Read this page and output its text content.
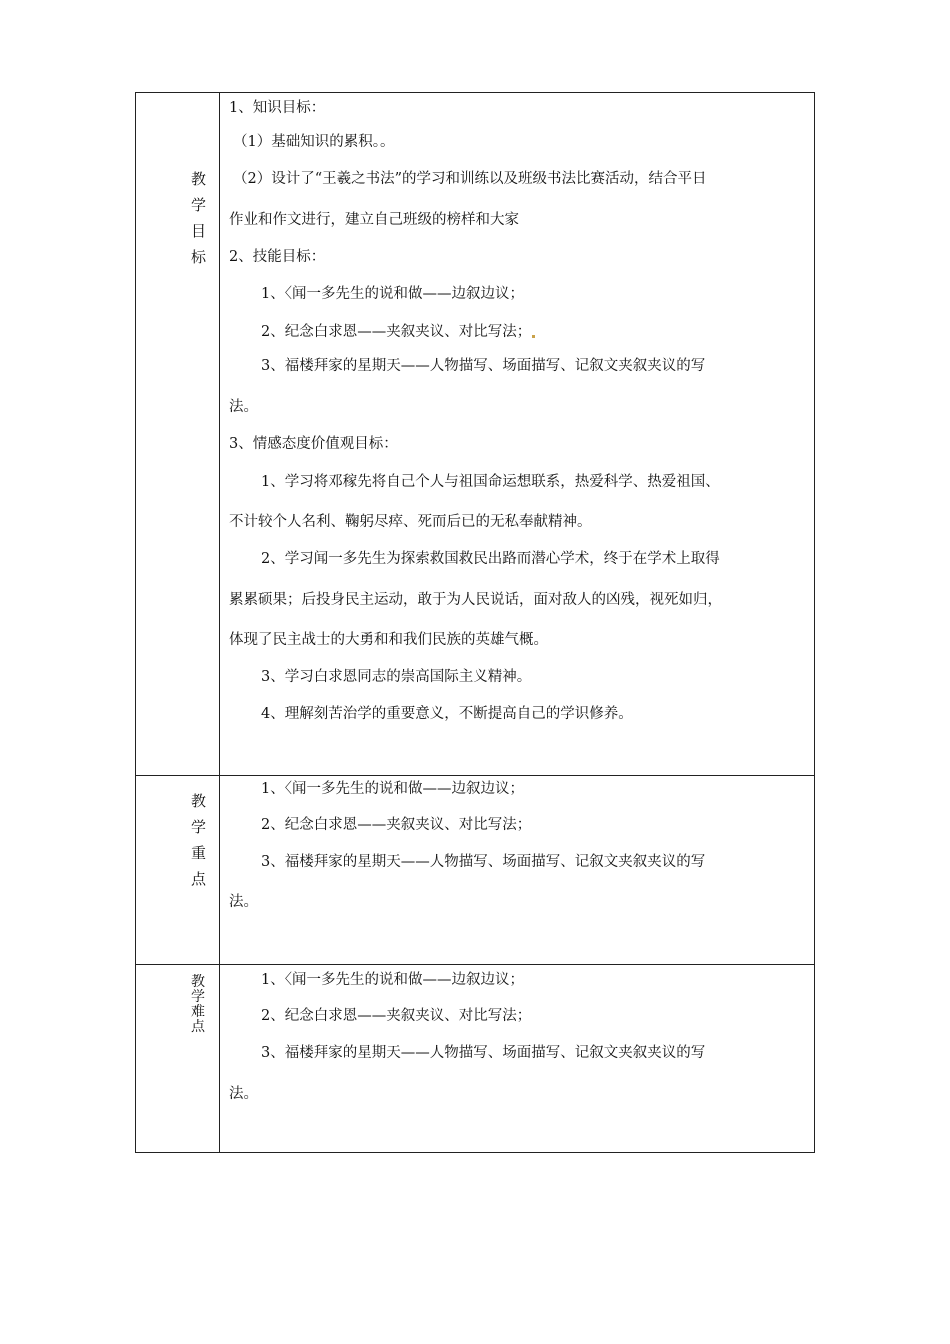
教
学
目
标
1、知识目标：
（1）基础知识的累积。。
（2）设计了“王羲之书法”的学习和训练以及班级书法比赛活动，结合平日
作业和作文进行，建立自己班级的榜样和大家
2、技能目标：
1、〈闻一多先生的说和做——边叙边议；
2、纪念白求恩——夹叙夹议、对比写法；
3、福楼拜家的星期天——人物描写、场面描写、记叙文夹叙夹议的写
法。
3、情感态度价值观目标：
1、学习将邓稼先将自己个人与祖国命运想联系，热爱科学、热爱祖国、
不计较个人名利、鞠躬尽瘁、死而后已的无私奉献精神。
2、学习闻一多先生为探索救国救民出路而潜心学术，终于在学术上取得
累累硕果；后投身民主运动，敢于为人民说话，面对敌人的凶残，视死如归，
体现了民主战士的大勇和和我们民族的英雄气概。
3、学习白求恩同志的崇高国际主义精神。
4、理解刻苦治学的重要意义，不断提高自己的学识修养。
教
学
重
点
1、〈闻一多先生的说和做——边叙边议；
2、纪念白求恩——夹叙夹议、对比写法；
3、福楼拜家的星期天——人物描写、场面描写、记叙文夹叙夹议的写
法。
教
学
难
点
1、〈闻一多先生的说和做——边叙边议；
2、纪念白求恩——夹叙夹议、对比写法；
3、福楼拜家的星期天——人物描写、场面描写、记叙文夹叙夹议的写
法。
